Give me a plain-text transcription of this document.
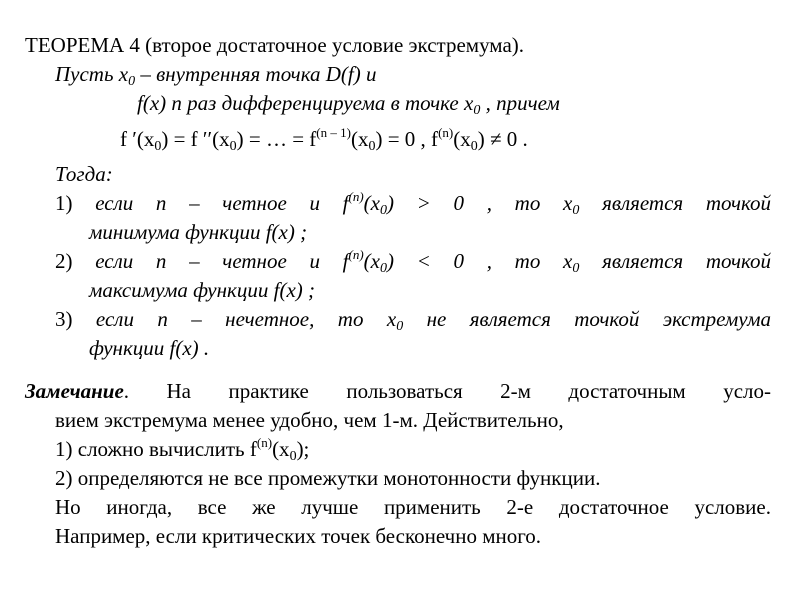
ТЕОРЕМА 4 (второе достаточное условие экстремума).
Пусть $x_0$ – внутренняя точка D(f) и
f(x) n раз дифференцируема в точке $x_0$ , причем
f $'(x_0) = f$ $''(x_0)$ = … = $f^{(n - 1)}(x_0) = 0$ , $f^{(n)}(x_0) \ne 0$ .
Тогда:
1) если n – четное и $f^{(n)}(x_0) > 0$ , то $x_0$ является точкой
минимума функции f(x) ;
2) если n – четное и $f^{(n)}(x_0) < 0$ , то $x_0$ является точкой
максимума функции f(x) ;
3) если n – нечетное, то $x_0$ не является точкой экстремума
функции f(x) .
Замечание. На практике пользоваться 2-м достаточным усло-
вием экстремума менее удобно, чем 1-м. Действительно,
1) сложно вычислить $f^{(n)}(x_0)$;
2) определяются не все промежутки монотонности функции.
Но иногда, все же лучше применить 2-е достаточное условие.
Например, если критических точек бесконечно много.
